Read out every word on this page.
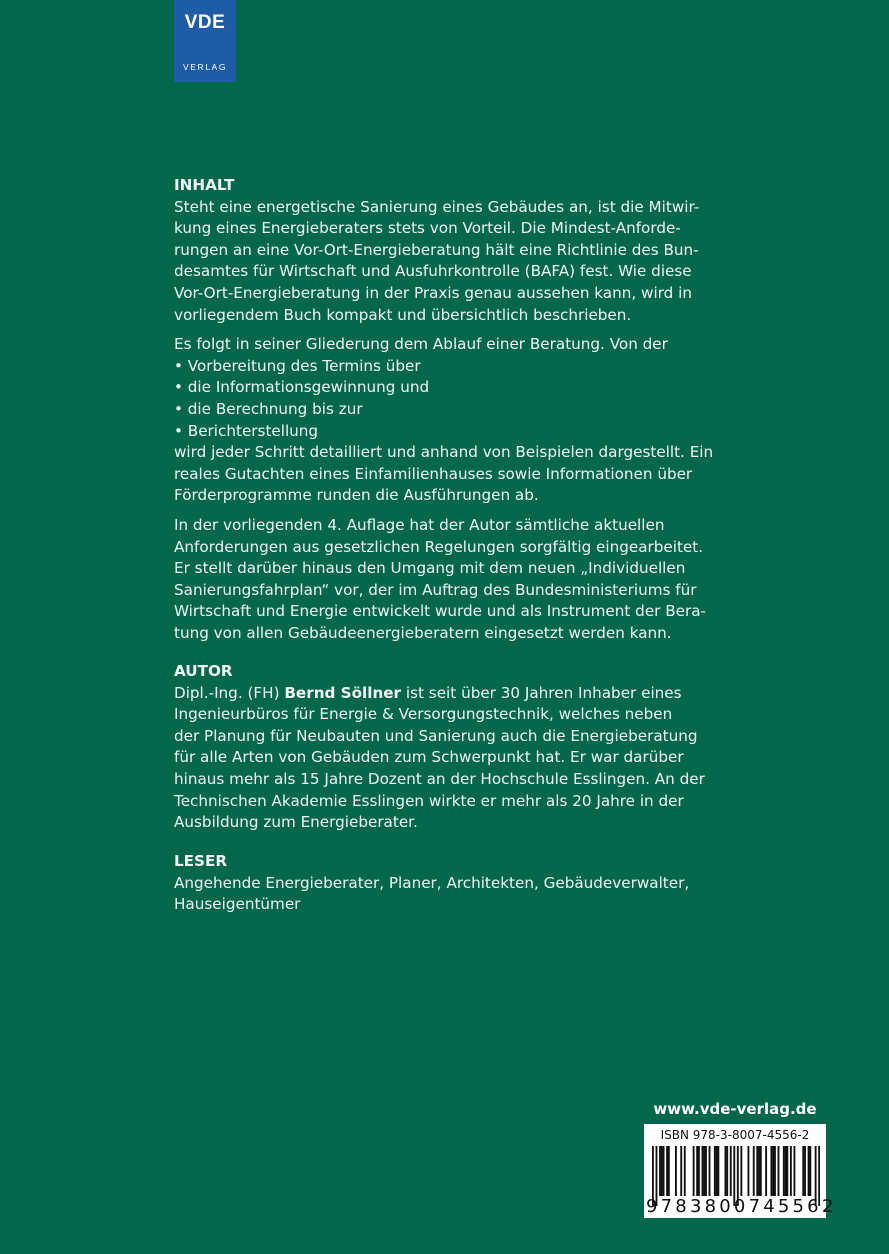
VDE
VERLAG
INHALT
Steht eine energetische Sanierung eines Gebäudes an, ist die Mitwir-
kung eines Energieberaters stets von Vorteil. Die Mindest-Anforde-
rungen an eine Vor-Ort-Energieberatung hält eine Richtlinie des Bun-
desamtes für Wirtschaft und Ausfuhrkontrolle (BAFA) fest. Wie diese
Vor-Ort-Energieberatung in der Praxis genau aussehen kann, wird in
vorliegendem Buch kompakt und übersichtlich beschrieben.
Es folgt in seiner Gliederung dem Ablauf einer Beratung. Von der
• Vorbereitung des Termins über
• die Informationsgewinnung und
• die Berechnung bis zur
• Berichterstellung
wird jeder Schritt detailliert und anhand von Beispielen dargestellt. Ein
reales Gutachten eines Einfamilienhauses sowie Informationen über
Förderprogramme runden die Ausführungen ab.
In der vorliegenden 4. Auflage hat der Autor sämtliche aktuellen
Anforderungen aus gesetzlichen Regelungen sorgfältig eingearbeitet.
Er stellt darüber hinaus den Umgang mit dem neuen „Individuellen
Sanierungsfahrplan“ vor, der im Auftrag des Bundesministeriums für
Wirtschaft und Energie entwickelt wurde und als Instrument der Bera-
tung von allen Gebäudeenergieberatern eingesetzt werden kann.
AUTOR
Dipl.-Ing. (FH) Bernd Söllner ist seit über 30 Jahren Inhaber eines
Ingenieurbüros für Energie & Versorgungstechnik, welches neben
der Planung für Neubauten und Sanierung auch die Energieberatung
für alle Arten von Gebäuden zum Schwerpunkt hat. Er war darüber
hinaus mehr als 15 Jahre Dozent an der Hochschule Esslingen. An der
Technischen Akademie Esslingen wirkte er mehr als 20 Jahre in der
Ausbildung zum Energieberater.
LESER
Angehende Energieberater, Planer, Architekten, Gebäudeverwalter,
Hauseigentümer
www.vde-verlag.de
ISBN 978-3-8007-4556-2
9783800745562
